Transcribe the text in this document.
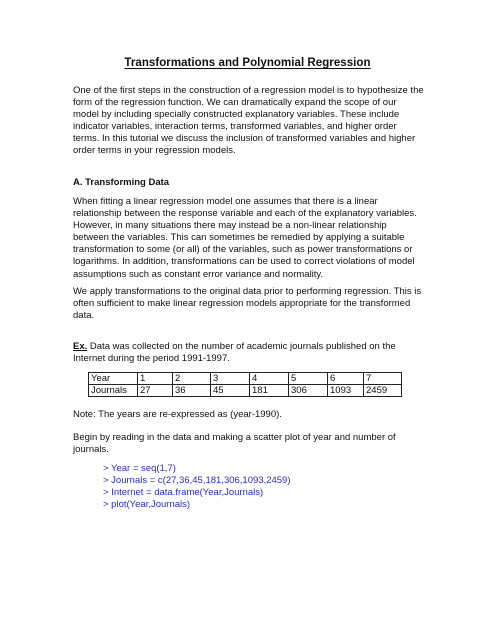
Transformations and Polynomial Regression

One of the first steps in the construction of a regression model is to hypothesize the form of the regression function. We can dramatically expand the scope of our model by including specially constructed explanatory variables. These include indicator variables, interaction terms, transformed variables, and higher order terms. In this tutorial we discuss the inclusion of transformed variables and higher order terms in your regression models.

A. Transforming Data

When fitting a linear regression model one assumes that there is a linear relationship between the response variable and each of the explanatory variables. However, in many situations there may instead be a non-linear relationship between the variables. This can sometimes be remedied by applying a suitable transformation to some (or all) of the variables, such as power transformations or logarithms. In addition, transformations can be used to correct violations of model assumptions such as constant error variance and normality.

We apply transformations to the original data prior to performing regression. This is often sufficient to make linear regression models appropriate for the transformed data.

Ex. Data was collected on the number of academic journals published on the Internet during the period 1991-1997.

Year	1	2	3	4	5	6	7
Journals	27	36	45	181	306	1093	2459

Note: The years are re-expressed as (year-1990).

Begin by reading in the data and making a scatter plot of year and number of journals.

> Year = seq(1,7)
> Journals = c(27,36,45,181,306,1093,2459)
> Internet = data.frame(Year,Journals)
> plot(Year,Journals)
